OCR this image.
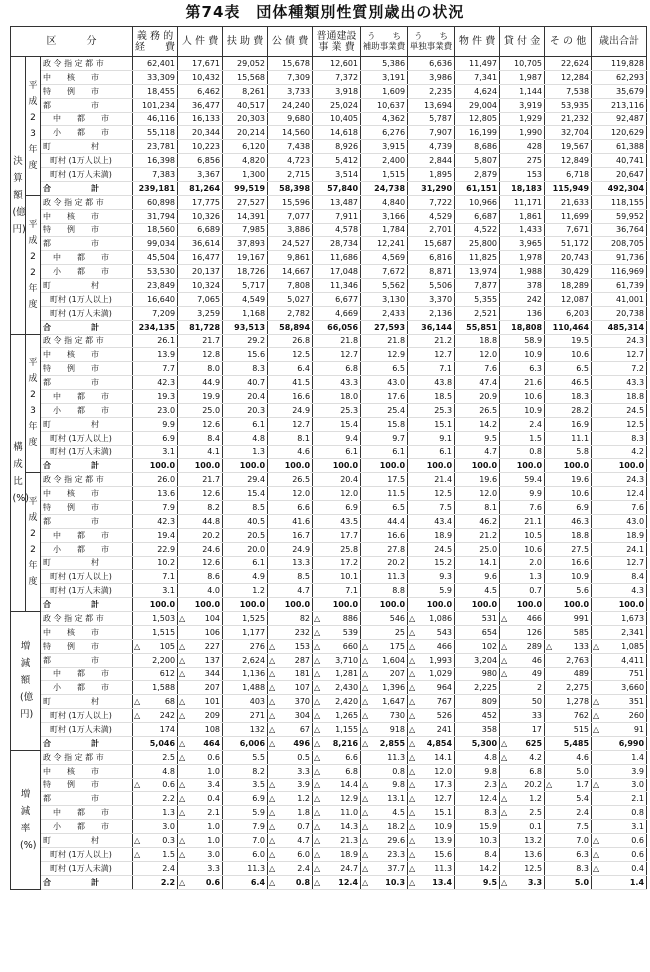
第74表　団体種類別性質別歳出の状況
区　　　分			義 務 的
経　　費	人 件 費	扶 助 費	公 債 費	普通建設
事 業 費	う　　ち
補助事業費	う　　ち
単独事業費	物 件 費	貸 付 金	そ の 他	歳出合計

決算額(億円)	平成23年度	政 令 指 定 都 市	62,401	17,671	29,052	15,678	12,601	5,386	6,636	11,497	10,705	22,624	119,828
		中　　核　　市	33,309	10,432	15,568	7,309	7,372	3,191	3,986	7,341	1,987	12,284	62,293
		特　　例　　市	18,455	6,462	8,261	3,733	3,918	1,609	2,235	4,624	1,144	7,538	35,679
		都　　　　　市	101,234	36,477	40,517	24,240	25,024	10,637	13,694	29,004	3,919	53,935	213,116
		中　　都　　市	46,116	16,133	20,303	9,680	10,405	4,362	5,787	12,805	1,929	21,232	92,487
		小　　都　　市	55,118	20,344	20,214	14,560	14,618	6,276	7,907	16,199	1,990	32,704	120,629
		町　　　　　村	23,781	10,223	6,120	7,438	8,926	3,915	4,739	8,686	428	19,567	61,388
		町村 (1万人以上)	16,398	6,856	4,820	4,723	5,412	2,400	2,844	5,807	275	12,849	40,741
		町村 (1万人未満)	7,383	3,367	1,300	2,715	3,514	1,515	1,895	2,879	153	6,718	20,647
		合　　　　　計	239,181	81,264	99,519	58,398	57,840	24,738	31,290	61,151	18,183	115,949	492,304

	平成22年度	政 令 指 定 都 市	60,898	17,775	27,527	15,596	13,487	4,840	7,722	10,966	11,171	21,633	118,155
		中　　核　　市	31,794	10,326	14,391	7,077	7,911	3,166	4,529	6,687	1,861	11,699	59,952
		特　　例　　市	18,560	6,689	7,985	3,886	4,578	1,784	2,701	4,522	1,433	7,671	36,764
		都　　　　　市	99,034	36,614	37,893	24,527	28,734	12,241	15,687	25,800	3,965	51,172	208,705
		中　　都　　市	45,504	16,477	19,167	9,861	11,686	4,569	6,816	11,825	1,978	20,743	91,736
		小　　都　　市	53,530	20,137	18,726	14,667	17,048	7,672	8,871	13,974	1,988	30,429	116,969
		町　　　　　村	23,849	10,324	5,717	7,808	11,346	5,562	5,506	7,877	378	18,289	61,739
		町村 (1万人以上)	16,640	7,065	4,549	5,027	6,677	3,130	3,370	5,355	242	12,087	41,001
		町村 (1万人未満)	7,209	3,259	1,168	2,782	4,669	2,433	2,136	2,521	136	6,203	20,738
		合　　　　　計	234,135	81,728	93,513	58,894	66,056	27,593	36,144	55,851	18,808	110,464	485,314

構成比(%)	平成23年度	政 令 指 定 都 市	26.1	21.7	29.2	26.8	21.8	21.8	21.2	18.8	58.9	19.5	24.3
		中　　核　　市	13.9	12.8	15.6	12.5	12.7	12.9	12.7	12.0	10.9	10.6	12.7
		特　　例　　市	7.7	8.0	8.3	6.4	6.8	6.5	7.1	7.6	6.3	6.5	7.2
		都　　　　　市	42.3	44.9	40.7	41.5	43.3	43.0	43.8	47.4	21.6	46.5	43.3
		中　　都　　市	19.3	19.9	20.4	16.6	18.0	17.6	18.5	20.9	10.6	18.3	18.8
		小　　都　　市	23.0	25.0	20.3	24.9	25.3	25.4	25.3	26.5	10.9	28.2	24.5
		町　　　　　村	9.9	12.6	6.1	12.7	15.4	15.8	15.1	14.2	2.4	16.9	12.5
		町村 (1万人以上)	6.9	8.4	4.8	8.1	9.4	9.7	9.1	9.5	1.5	11.1	8.3
		町村 (1万人未満)	3.1	4.1	1.3	4.6	6.1	6.1	6.1	4.7	0.8	5.8	4.2
		合　　　　　計	100.0	100.0	100.0	100.0	100.0	100.0	100.0	100.0	100.0	100.0	100.0

	平成22年度	政 令 指 定 都 市	26.0	21.7	29.4	26.5	20.4	17.5	21.4	19.6	59.4	19.6	24.3
		中　　核　　市	13.6	12.6	15.4	12.0	12.0	11.5	12.5	12.0	9.9	10.6	12.4
		特　　例　　市	7.9	8.2	8.5	6.6	6.9	6.5	7.5	8.1	7.6	6.9	7.6
		都　　　　　市	42.3	44.8	40.5	41.6	43.5	44.4	43.4	46.2	21.1	46.3	43.0
		中　　都　　市	19.4	20.2	20.5	16.7	17.7	16.6	18.9	21.2	10.5	18.8	18.9
		小　　都　　市	22.9	24.6	20.0	24.9	25.8	27.8	24.5	25.0	10.6	27.5	24.1
		町　　　　　村	10.2	12.6	6.1	13.3	17.2	20.2	15.2	14.1	2.0	16.6	12.7
		町村 (1万人以上)	7.1	8.6	4.9	8.5	10.1	11.3	9.3	9.6	1.3	10.9	8.4
		町村 (1万人未満)	3.1	4.0	1.2	4.7	7.1	8.8	5.9	4.5	0.7	5.6	4.3
		合　　　　　計	100.0	100.0	100.0	100.0	100.0	100.0	100.0	100.0	100.0	100.0	100.0

増減額(億円)		政 令 指 定 都 市	1,503	△ 104	1,525	82	△ 886	546	△ 1,086	531	△ 466	991	1,673
		中　　核　　市	1,515	106	1,177	232	△ 539	25	△ 543	654	126	585	2,341
		特　　例　　市	△ 105	△ 227	276	△ 153	△ 660	△ 175	△ 466	102	△ 289	△ 133	△ 1,085
		都　　　　　市	2,200	△ 137	2,624	△ 287	△ 3,710	△ 1,604	△ 1,993	3,204	△ 46	2,763	4,411
		中　　都　　市	612	△ 344	1,136	△ 181	△ 1,281	△ 207	△ 1,029	980	△ 49	489	751
		小　　都　　市	1,588	207	1,488	△ 107	△ 2,430	△ 1,396	△ 964	2,225	2	2,275	3,660
		町　　　　　村	△ 68	△ 101	403	△ 370	△ 2,420	△ 1,647	△ 767	809	50	1,278	△ 351
		町村 (1万人以上)	△ 242	△ 209	271	△ 304	△ 1,265	△ 730	△ 526	452	33	762	△ 260
		町村 (1万人未満)	174	108	132	△ 67	△ 1,155	△ 918	△ 241	358	17	515	△ 91
		合　　　　　計	5,046	△ 464	6,006	△ 496	△ 8,216	△ 2,855	△ 4,854	5,300	△ 625	5,485	6,990

増減率(%)		政 令 指 定 都 市	2.5	△ 0.6	5.5	0.5	△ 6.6	11.3	△ 14.1	4.8	△ 4.2	4.6	1.4
		中　　核　　市	4.8	1.0	8.2	3.3	△ 6.8	0.8	△ 12.0	9.8	6.8	5.0	3.9
		特　　例　　市	△ 0.6	△ 3.4	3.5	△ 3.9	△ 14.4	△ 9.8	△ 17.3	2.3	△ 20.2	△ 1.7	△ 3.0
		都　　　　　市	2.2	△ 0.4	6.9	△ 1.2	△ 12.9	△ 13.1	△ 12.7	12.4	△ 1.2	5.4	2.1
		中　　都　　市	1.3	△ 2.1	5.9	△ 1.8	△ 11.0	△ 4.5	△ 15.1	8.3	△ 2.5	2.4	0.8
		小　　都　　市	3.0	1.0	7.9	△ 0.7	△ 14.3	△ 18.2	△ 10.9	15.9	0.1	7.5	3.1
		町　　　　　村	△ 0.3	△ 1.0	7.0	△ 4.7	△ 21.3	△ 29.6	△ 13.9	10.3	13.2	7.0	△ 0.6
		町村 (1万人以上)	△ 1.5	△ 3.0	6.0	△ 6.0	△ 18.9	△ 23.3	△ 15.6	8.4	13.6	6.3	△ 0.6
		町村 (1万人未満)	2.4	3.3	11.3	△ 2.4	△ 24.7	△ 37.7	△ 11.3	14.2	12.5	8.3	△ 0.4
		合　　　　　計	2.2	△ 0.6	6.4	△ 0.8	△ 12.4	△ 10.3	△ 13.4	9.5	△ 3.3	5.0	1.4
